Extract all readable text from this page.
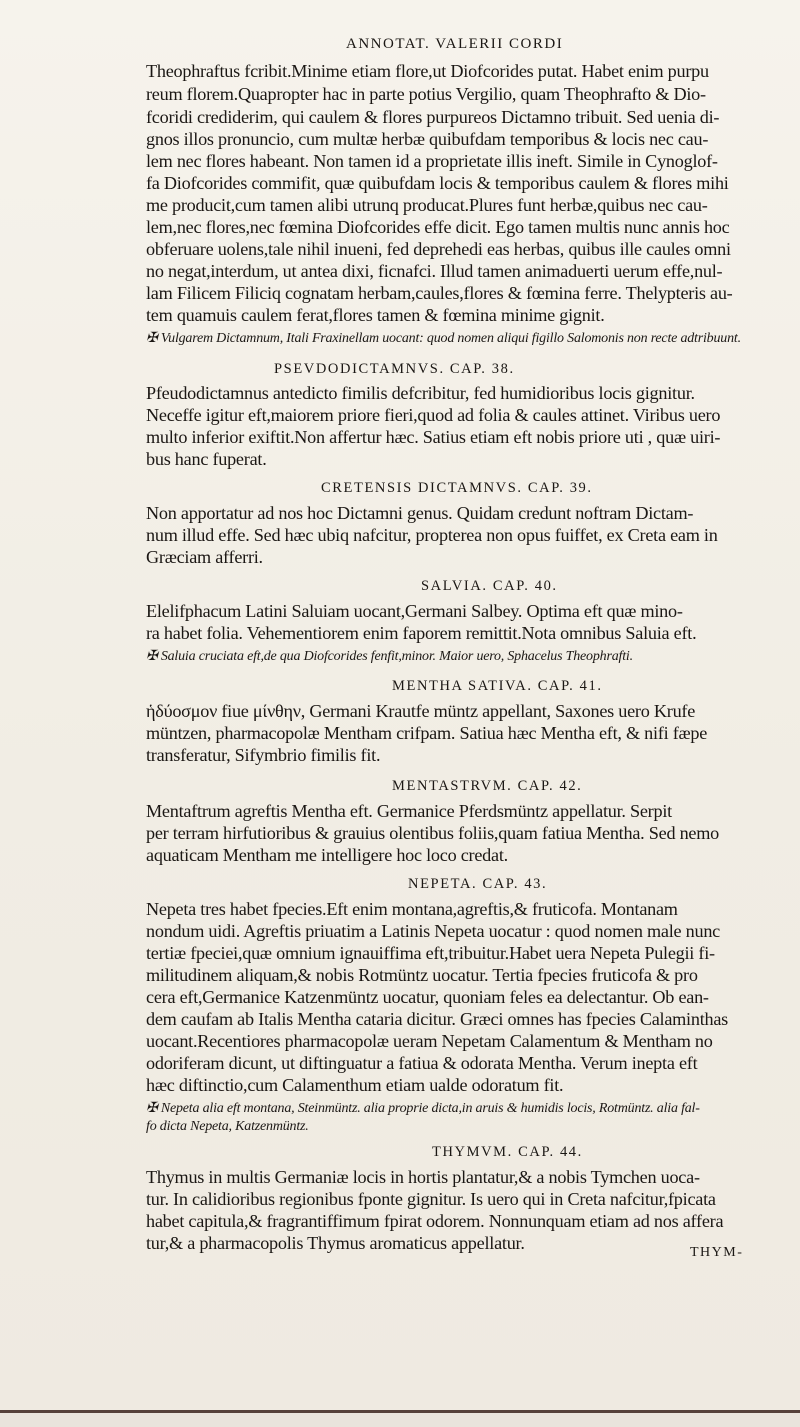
ANNOTAT. VALERII CORDI
Theophraftus fcribit.Minime etiam flore,ut Diofcorides putat. Habet enim purpu
reum florem.Quapropter hac in parte potius Vergilio, quam Theophrafto & Dio-
fcoridi crediderim, qui caulem & flores purpureos Dictamno tribuit. Sed uenia di-
gnos illos pronuncio, cum multæ herbæ quibufdam temporibus & locis nec cau-
lem nec flores habeant. Non tamen id a proprietate illis ineft. Simile in Cynoglof-
fa Diofcorides commifit, quæ quibufdam locis & temporibus caulem & flores mihi
me producit,cum tamen alibi utrunq producat.Plures funt herbæ,quibus nec cau-
lem,nec flores,nec fœmina Diofcorides effe dicit. Ego tamen multis nunc annis hoc
obferuare uolens,tale nihil inueni, fed deprehedi eas herbas, quibus ille caules omni
no negat,interdum, ut antea dixi, ficnafci. Illud tamen animaduerti uerum effe,nul-
lam Filicem Filiciq cognatam herbam,caules,flores & fœmina ferre. Thelypteris au-
tem quamuis caulem ferat,flores tamen & fœmina minime gignit.
✠ Vulgarem Dictamnum, Itali Fraxinellam uocant: quod nomen aliqui figillo Salomonis non recte adtribuunt.
PSEVDODICTAMNVS. CAP. 38.
Pfeudodictamnus antedicto fimilis defcribitur, fed humidioribus locis gignitur.
Neceffe igitur eft,maiorem priore fieri,quod ad folia & caules attinet. Viribus uero
multo inferior exiftit.Non affertur hæc. Satius etiam eft nobis priore uti , quæ uiri-
bus hanc fuperat.
CRETENSIS DICTAMNVS. CAP. 39.
Non apportatur ad nos hoc Dictamni genus. Quidam credunt noftram Dictam-
num illud effe. Sed hæc ubiq nafcitur, propterea non opus fuiffet, ex Creta eam in
Græciam afferri.
SALVIA. CAP. 40.
Elelifphacum Latini Saluiam uocant,Germani Salbey. Optima eft quæ mino-
ra habet folia. Vehementiorem enim faporem remittit.Nota omnibus Saluia eft.
✠ Saluia cruciata eft,de qua Diofcorides fenfit,minor. Maior uero, Sphacelus Theophrafti.
MENTHA SATIVA. CAP. 41.
ἡδύοσμον fiue μίνθην, Germani Krautfe müntz appellant, Saxones uero Krufe
müntzen, pharmacopolæ Mentham crifpam. Satiua hæc Mentha eft, & nifi fæpe
transferatur, Sifymbrio fimilis fit.
MENTASTRVM. CAP. 42.
Mentaftrum agreftis Mentha eft. Germanice Pferdsmüntz appellatur. Serpit
per terram hirfutioribus & grauius olentibus foliis,quam fatiua Mentha. Sed nemo
aquaticam Mentham me intelligere hoc loco credat.
NEPETA. CAP. 43.
Nepeta tres habet fpecies.Eft enim montana,agreftis,& fruticofa. Montanam
nondum uidi. Agreftis priuatim a Latinis Nepeta uocatur : quod nomen male nunc
tertiæ fpeciei,quæ omnium ignauiffima eft,tribuitur.Habet uera Nepeta Pulegii fi-
militudinem aliquam,& nobis Rotmüntz uocatur. Tertia fpecies fruticofa & pro
cera eft,Germanice Katzenmüntz uocatur, quoniam feles ea delectantur. Ob ean-
dem caufam ab Italis Mentha cataria dicitur. Græci omnes has fpecies Calaminthas
uocant.Recentiores pharmacopolæ ueram Nepetam Calamentum & Mentham no
odoriferam dicunt, ut diftinguatur a fatiua & odorata Mentha. Verum inepta eft
hæc diftinctio,cum Calamenthum etiam ualde odoratum fit.
✠ Nepeta alia eft montana, Steinmüntz. alia proprie dicta,in aruis & humidis locis, Rotmüntz. alia fal-
fo dicta Nepeta, Katzenmüntz.
THYMVM. CAP. 44.
Thymus in multis Germaniæ locis in hortis plantatur,& a nobis Tymchen uoca-
tur. In calidioribus regionibus fponte gignitur. Is uero qui in Creta nafcitur,fpicata
habet capitula,& fragrantiffimum fpirat odorem. Nonnunquam etiam ad nos affera
tur,& a pharmacopolis Thymus aromaticus appellatur.	THYM-
